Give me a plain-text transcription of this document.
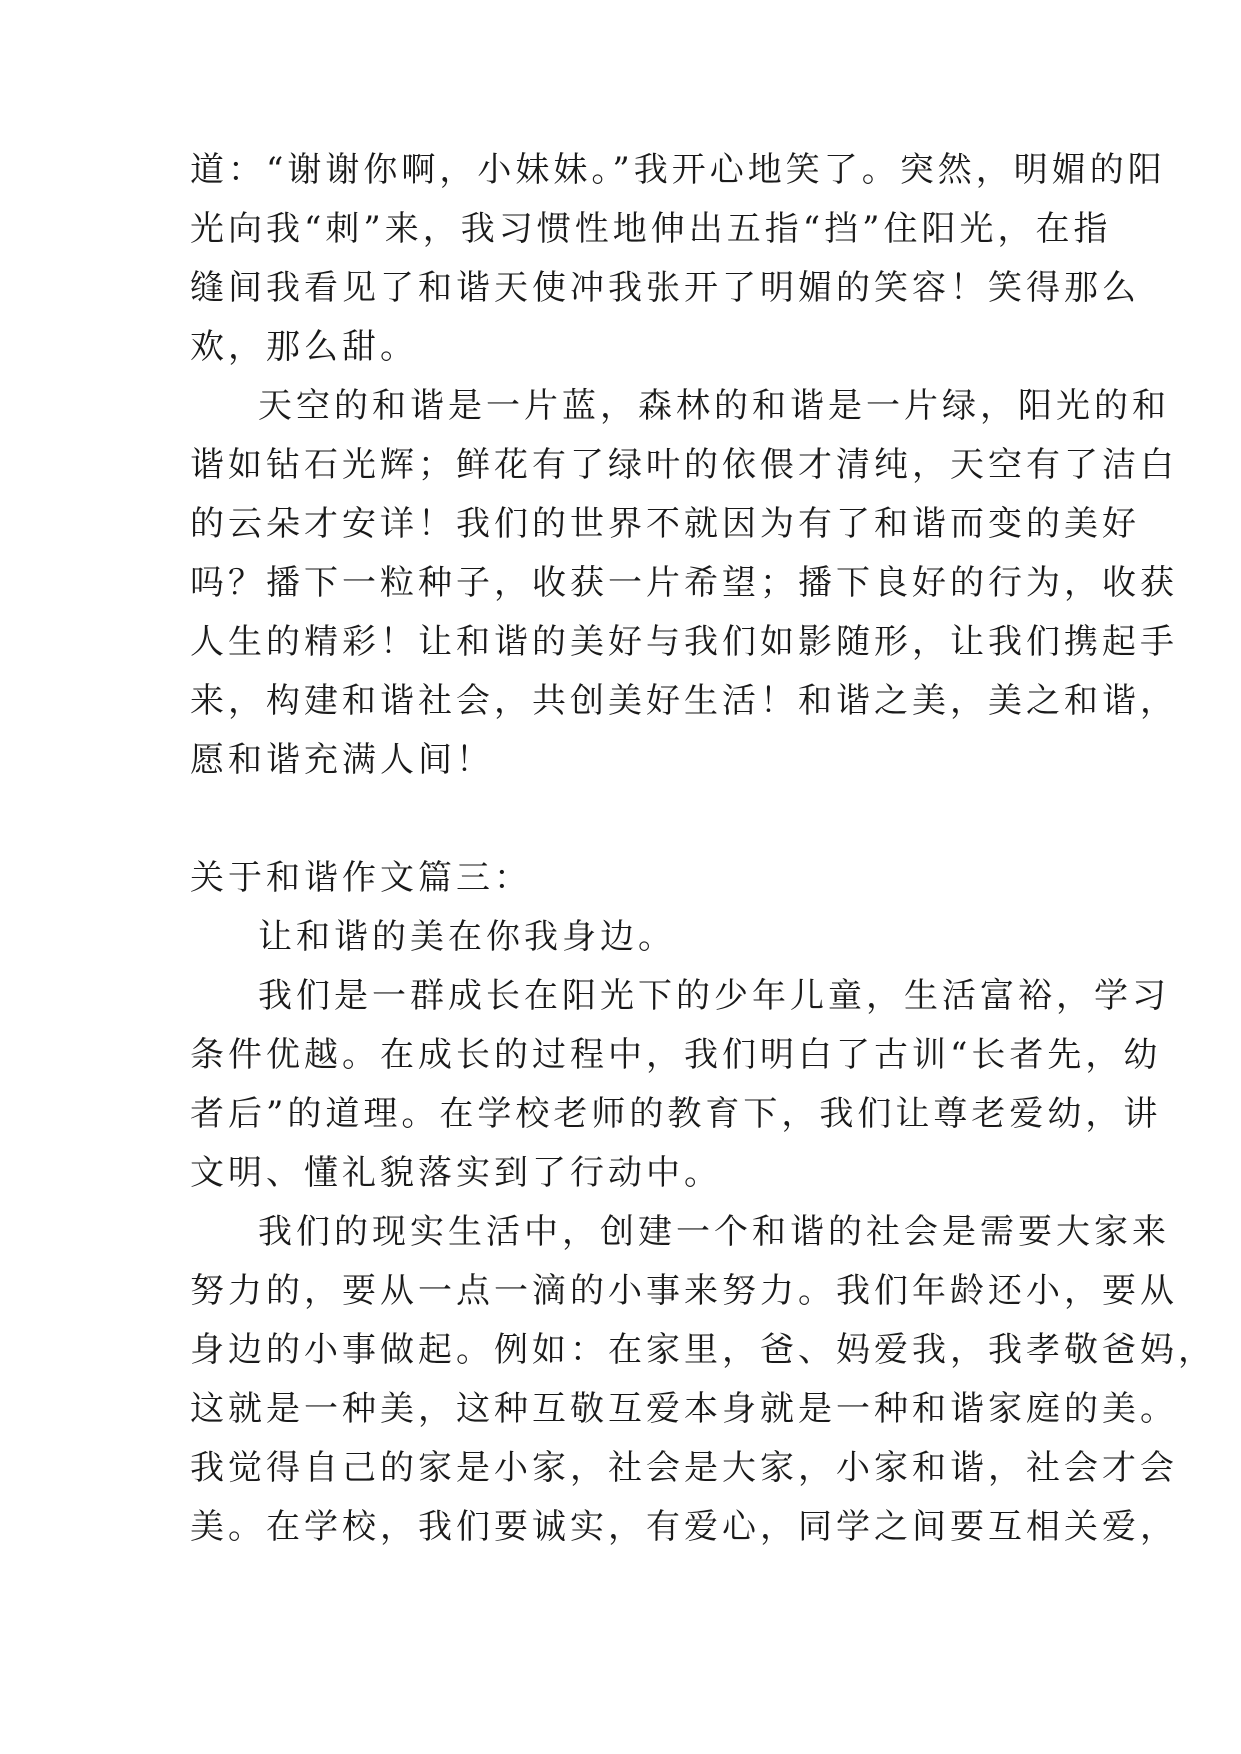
道：“谢谢你啊，小妹妹。”我开心地笑了。突然，明媚的阳
光向我“刺”来，我习惯性地伸出五指“挡”住阳光，在指
缝间我看见了和谐天使冲我张开了明媚的笑容！笑得那么
欢，那么甜。
天空的和谐是一片蓝，森林的和谐是一片绿，阳光的和
谐如钻石光辉；鲜花有了绿叶的依偎才清纯，天空有了洁白
的云朵才安详！我们的世界不就因为有了和谐而变的美好
吗？播下一粒种子，收获一片希望；播下良好的行为，收获
人生的精彩！让和谐的美好与我们如影随形，让我们携起手
来，构建和谐社会，共创美好生活！和谐之美，美之和谐，
愿和谐充满人间！
关于和谐作文篇三：
让和谐的美在你我身边。
我们是一群成长在阳光下的少年儿童，生活富裕，学习
条件优越。在成长的过程中，我们明白了古训“长者先，幼
者后”的道理。在学校老师的教育下，我们让尊老爱幼，讲
文明、懂礼貌落实到了行动中。
我们的现实生活中，创建一个和谐的社会是需要大家来
努力的，要从一点一滴的小事来努力。我们年龄还小，要从
身边的小事做起。例如：在家里，爸、妈爱我，我孝敬爸妈，
这就是一种美，这种互敬互爱本身就是一种和谐家庭的美。
我觉得自己的家是小家，社会是大家，小家和谐，社会才会
美。在学校，我们要诚实，有爱心，同学之间要互相关爱，
